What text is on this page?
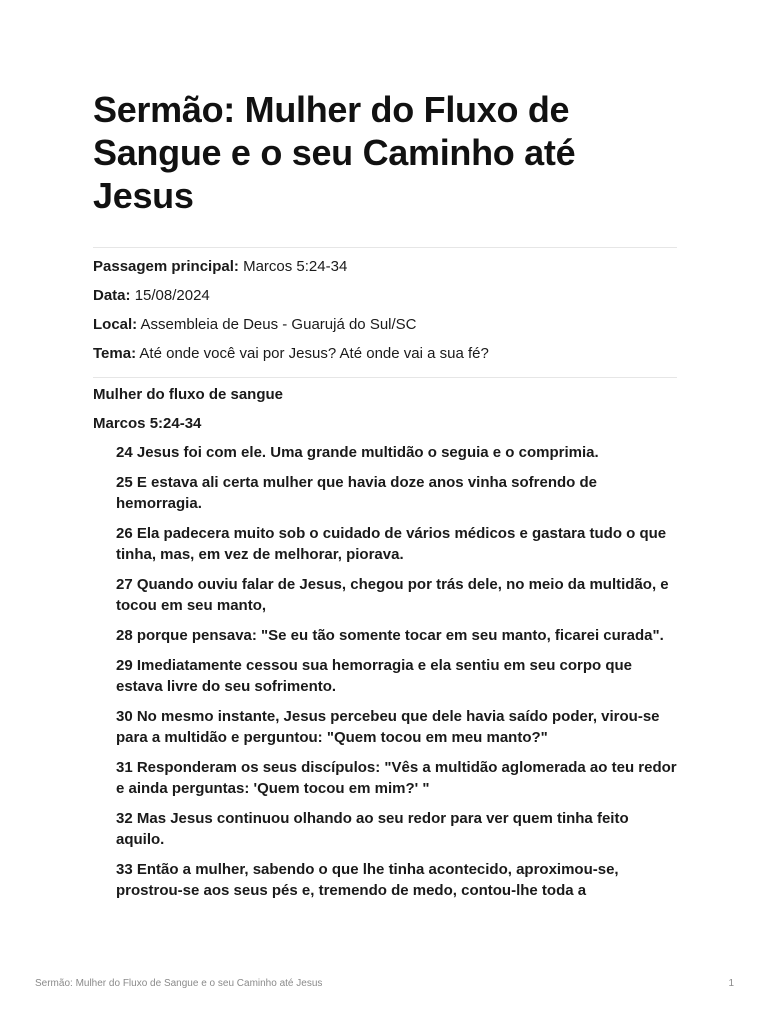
Sermão: Mulher do Fluxo de Sangue e o seu Caminho até Jesus

Passagem principal: Marcos 5:24-34

Data: 15/08/2024

Local: Assembleia de Deus - Guarujá do Sul/SC

Tema: Até onde você vai por Jesus? Até onde vai a sua fé?

Mulher do fluxo de sangue

Marcos 5:24-34

24 Jesus foi com ele. Uma grande multidão o seguia e o comprimia.

25 E estava ali certa mulher que havia doze anos vinha sofrendo de hemorragia.

26 Ela padecera muito sob o cuidado de vários médicos e gastara tudo o que tinha, mas, em vez de melhorar, piorava.

27 Quando ouviu falar de Jesus, chegou por trás dele, no meio da multidão, e tocou em seu manto,

28 porque pensava: "Se eu tão somente tocar em seu manto, ficarei curada".

29 Imediatamente cessou sua hemorragia e ela sentiu em seu corpo que estava livre do seu sofrimento.

30 No mesmo instante, Jesus percebeu que dele havia saído poder, virou-se para a multidão e perguntou: "Quem tocou em meu manto?"

31 Responderam os seus discípulos: "Vês a multidão aglomerada ao teu redor e ainda perguntas: 'Quem tocou em mim?' "

32 Mas Jesus continuou olhando ao seu redor para ver quem tinha feito aquilo.

33 Então a mulher, sabendo o que lhe tinha acontecido, aproximou-se, prostrou-se aos seus pés e, tremendo de medo, contou-lhe toda a

Sermão: Mulher do Fluxo de Sangue e o seu Caminho até Jesus	1
